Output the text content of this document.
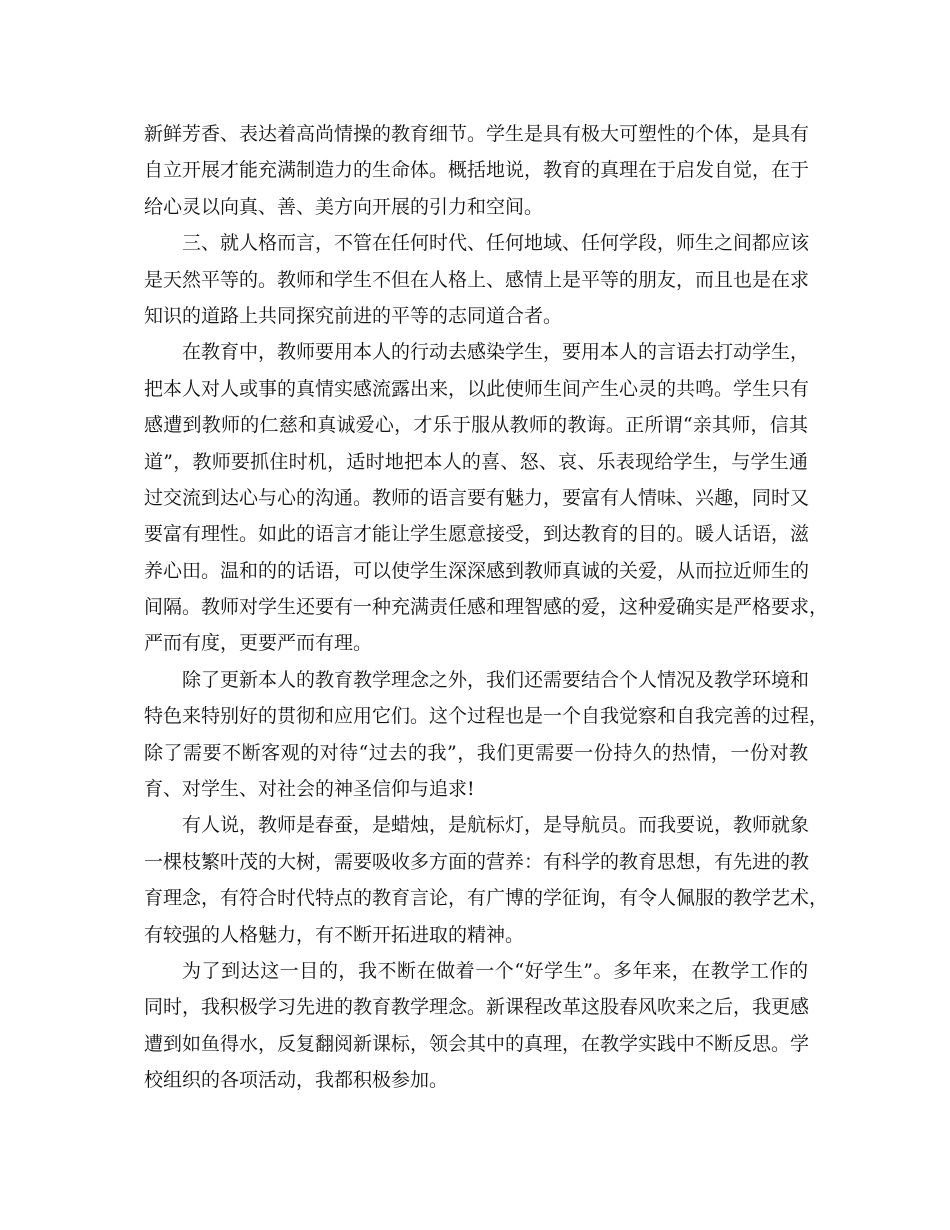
新鲜芳香、表达着高尚情操的教育细节。学生是具有极大可塑性的个体，是具有
自立开展才能充满制造力的生命体。概括地说，教育的真理在于启发自觉，在于
给心灵以向真、善、美方向开展的引力和空间。
三、就人格而言，不管在任何时代、任何地域、任何学段，师生之间都应该
是天然平等的。教师和学生不但在人格上、感情上是平等的朋友，而且也是在求
知识的道路上共同探究前进的平等的志同道合者。
在教育中，教师要用本人的行动去感染学生，要用本人的言语去打动学生，
把本人对人或事的真情实感流露出来，以此使师生间产生心灵的共鸣。学生只有
感遭到教师的仁慈和真诚爱心，才乐于服从教师的教诲。正所谓“亲其师，信其
道”，教师要抓住时机，适时地把本人的喜、怒、哀、乐表现给学生，与学生通
过交流到达心与心的沟通。教师的语言要有魅力，要富有人情味、兴趣，同时又
要富有理性。如此的语言才能让学生愿意接受，到达教育的目的。暖人话语，滋
养心田。温和的的话语，可以使学生深深感到教师真诚的关爱，从而拉近师生的
间隔。教师对学生还要有一种充满责任感和理智感的爱，这种爱确实是严格要求，
严而有度，更要严而有理。
除了更新本人的教育教学理念之外，我们还需要结合个人情况及教学环境和
特色来特别好的贯彻和应用它们。这个过程也是一个自我觉察和自我完善的过程，
除了需要不断客观的对待“过去的我”，我们更需要一份持久的热情，一份对教
育、对学生、对社会的神圣信仰与追求!
有人说，教师是春蚕，是蜡烛，是航标灯，是导航员。而我要说，教师就象
一棵枝繁叶茂的大树，需要吸收多方面的营养：有科学的教育思想，有先进的教
育理念，有符合时代特点的教育言论，有广博的学征询，有令人佩服的教学艺术，
有较强的人格魅力，有不断开拓进取的精神。
为了到达这一目的，我不断在做着一个“好学生”。多年来，在教学工作的
同时，我积极学习先进的教育教学理念。新课程改革这股春风吹来之后，我更感
遭到如鱼得水，反复翻阅新课标，领会其中的真理，在教学实践中不断反思。学
校组织的各项活动，我都积极参加。
